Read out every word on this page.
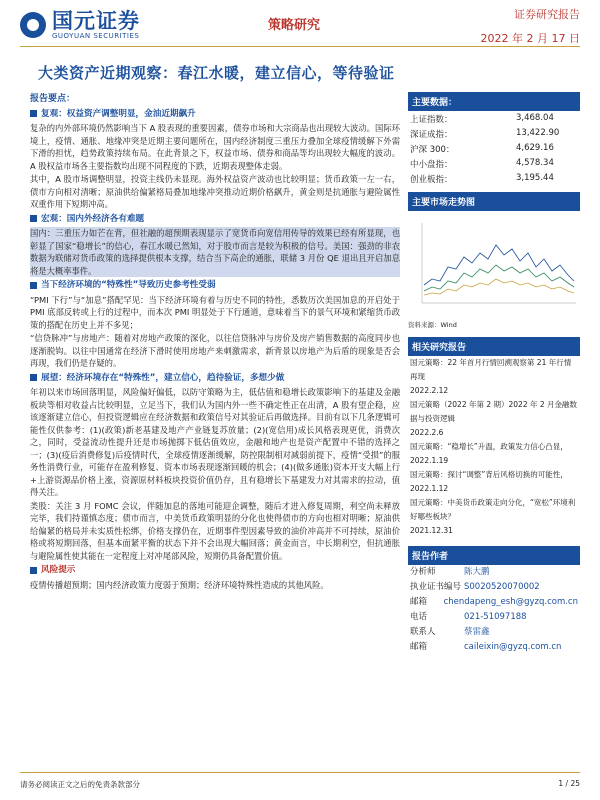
国元证券
GUOYUAN SECURITIES
策略研究
证券研究报告
2022 年 2 月 17 日
大类资产近期观察：春江水暖，建立信心，等待验证
报告要点：
复观：权益资产调整明显，金油近期飙升
复杂的内外部环境仍然影响当下 A 股表现的重要因素，债券市场和大宗商品也出现较大波动。国际环境上，疫情、通胀、地缘冲突是近期主要问题所在，国内经济制度三重压力叠加全球疫情缓解下外需下滑的担忧，趋势政策持续布局。在此背景之下，权益市场、债券和商品等均出现较大幅度的波动。A 股权益市场各主要指数均出现不同程度的下跌，近期表现整体走弱。
其中，A 股市场调整明显，投资主线仍未显现。海外权益资产波动也比较明显；货币政策一左一右，债市方向相对清晰；原油供给偏紧格局叠加地缘冲突推动近期价格飙升，黄金则是抗通胀与避险属性双重作用下短期冲高。
宏观：国内外经济各有难题
国内：三重压力如芒在背，但社融的超预期表现显示了宽货币向宽信用传导的效果已经有所显现，也彰显了国家“稳增长”的信心，春江水暖已然知，对于股市而言是较为积极的信号。美国：强劲的非农数据为联储对货币政策的选择提供根本支撑，结合当下高企的通胀，联储 3 月份 QE 退出且开启加息将是大概率事件。
当下经济环境的“特殊性”导致历史参考性受弱
“PMI 下行”与“加息”搭配罕见：当下经济环境有着与历史不同的特性，悉数历次美国加息的开启处于 PMI 底部反转或上行的过程中，而本次 PMI 明显处于下行通道，意味着当下的景气环境和紧缩货币政策的搭配在历史上并不多见；
“信贷脉冲”与房地产：随着对房地产政策的深化，以往信贷脉冲与房价及房产销售数据的高度同步也逐渐脱钩。以往中国通常在经济下滑时使用房地产来刺激需求，新背景以房地产为后盾的现象是否会再现，我们仍是存疑的。
展望：经济环境存在“特殊性”，建立信心，趋待验证，多想少做
年初以来市场回落明显，风险偏好偏低，以防守策略为主，低估值和稳增长政策影响下的基建及金融板块等相对收益占比较明显，立足当下，我们认为国内外一些不确定性正在出清，A 股有望企稳，应该逐渐建立信心，但投资逻辑应在经济数据和政策信号对其验证后再做选择。目前有以下几条逻辑可能性仅供参考：(1)(政策)新老基建及地产产业链复苏放量；(2)(宽信用)成长风格表现更优，消费次之，同时，受益流动性提升还是市场抛掷下低估值效应，金融和地产也是资产配置中不错的选择之一；(3)(疫后消费修复)后疫情时代，全球疫情逐渐缓解，防控限制相对减弱前提下，疫情“受损”的服务性消费行业，可能存在盈利修复、资本市场表现逐渐回暖的机会；(4)(做多通胀)资本开支大幅上行+上游资源品价格上涨，资源原材料板块投资价值仍存，且有稳增长下基建发力对其需求的拉动，值得关注。
类股：关注 3 月 FOMC 会议，伴随加息的落地可能迎企调整，随后才进入修复周期，利空尚未释放完毕，我们持谨慎态度；债市而言，中美货币政策明显的分化也使得债市的方向也相对明晰；原油供给偏紧的格局并未实质性松绑，价格支撑仍在，近期事件型因素导致的油价冲高并不可持续，原油价格或将短期回落，但基本面紧平衡的状态下并不会出现大幅回落；黄金而言，中长期利空，但抗通胀与避险属性使其能在一定程度上对冲尾部风险，短期仍具备配置价值。
风险提示
疫情传播超预期；国内经济政策力度弱于预期；经济环境特殊性造成的其他风险。
主要数据：
上证指数：	3,468.04
深证成指：	13,422.90
沪深 300：	4,629.16
中小盘指：	4,578.34
创业板指：	3,195.44
主要市场走势图
资料来源：Wind
相关研究报告
国元策略：22 年首月行情回溯观察第 21 年行情再现
2022.2.12
国元策略（2022 年第 2 期）2022 年 2 月金融数据与投资逻辑
2022.2.6
国元策略：“稳增长”升温，政策发力信心凸显，
2022.1.19
国元策略：探讨“调整”背后风格切换的可能性，
2022.1.12
国元策略：中美货币政策走向分化，“宽松”环境利好哪些板块？
2021.12.31
报告作者
分析师	陈大鹏
执业证书编号 S0020520070002
邮箱	chendapeng_esh@gyzq.com.cn
电话	021-51097188
联系人	蔡雷鑫
邮箱	caileixin@gyzq.com.cn
请务必阅读正文之后的免责条款部分	1 / 25
